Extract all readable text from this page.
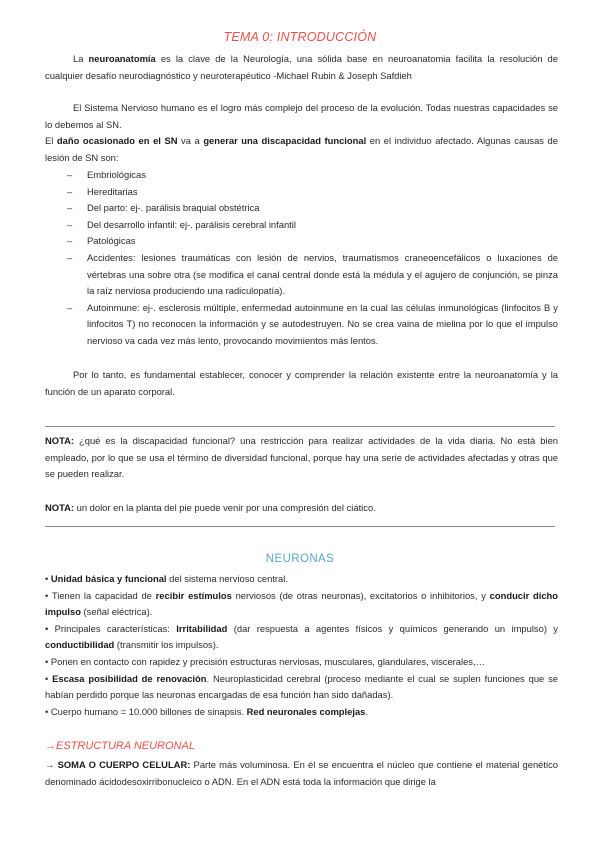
TEMA 0: INTRODUCCIÓN
La neuroanatomía es la clave de la Neurología, una sólida base en neuroanatomia facilita la resolución de cualquier desafío neurodiagnóstico y neuroterapéutico -Michael Rubin & Joseph Safdieh
El Sistema Nervioso humano es el logro más complejo del proceso de la evolución. Todas nuestras capacidades se lo debemos al SN.
El daño ocasionado en el SN va a generar una discapacidad funcional en el individuo afectado. Algunas causas de lesión de SN son:
– Embriológicas
– Hereditarias
– Del parto: ej-. parálisis braquial obstétrica
– Del desarrollo infantil: ej-. parálisis cerebral infantil
– Patológicas
– Accidentes: lesiones traumáticas con lesión de nervios, traumatismos craneoencefálicos o luxaciones de vértebras una sobre otra (se modifica el canal central donde está la médula y el agujero de conjunción, se pinza la raíz nerviosa produciendo una radiculopatía).
– Autoinmune: ej-. esclerosis múltiple, enfermedad autoinmune en la cual las células inmunológicas (linfocitos B y linfocitos T) no reconocen la información y se autodestruyen. No se crea vaina de mielina por lo que el impulso nervioso va cada vez más lento, provocando movimientos más lentos.
Por lo tanto, es fundamental establecer, conocer y comprender la relación existente entre la neuroanatomía y la función de un aparato corporal.
NOTA: ¿qué es la discapacidad funcional? una restricción para realizar actividades de la vida diaria. No está bien empleado, por lo que se usa el término de diversidad funcional, porque hay una serie de actividades afectadas y otras que se pueden realizar.
NOTA: un dolor en la planta del pie puede venir por una compresión del ciático.
NEURONAS

• Unidad básica y funcional del sistema nervioso central.

• Tienen la capacidad de recibir estímulos nerviosos (de otras neuronas), excitatorios o inhibitorios, y conducir dicho impulso (señal eléctrica).

• Principales características: Irritabilidad (dar respuesta a agentes físicos y químicos generando un impulso) y conductibilidad (transmitir los impulsos).

• Ponen en contacto con rapidez y precisión estructuras nerviosas, musculares, glandulares, viscerales,…

• Escasa posibilidad de renovación. Neuroplasticidad cerebral (proceso mediante el cual se suplen funciones que se habían perdido porque las neuronas encargadas de esa función han sido dañadas).

• Cuerpo humano = 10.000 billones de sinapsis. Red neuronales complejas.

→ESTRUCTURA NEURONAL
→ SOMA O CUERPO CELULAR: Parte más voluminosa. En él se encuentra el núcleo que contiene el material genético denominado ácidodesoxirribonucleico o ADN. En el ADN está toda la información que dirige la
